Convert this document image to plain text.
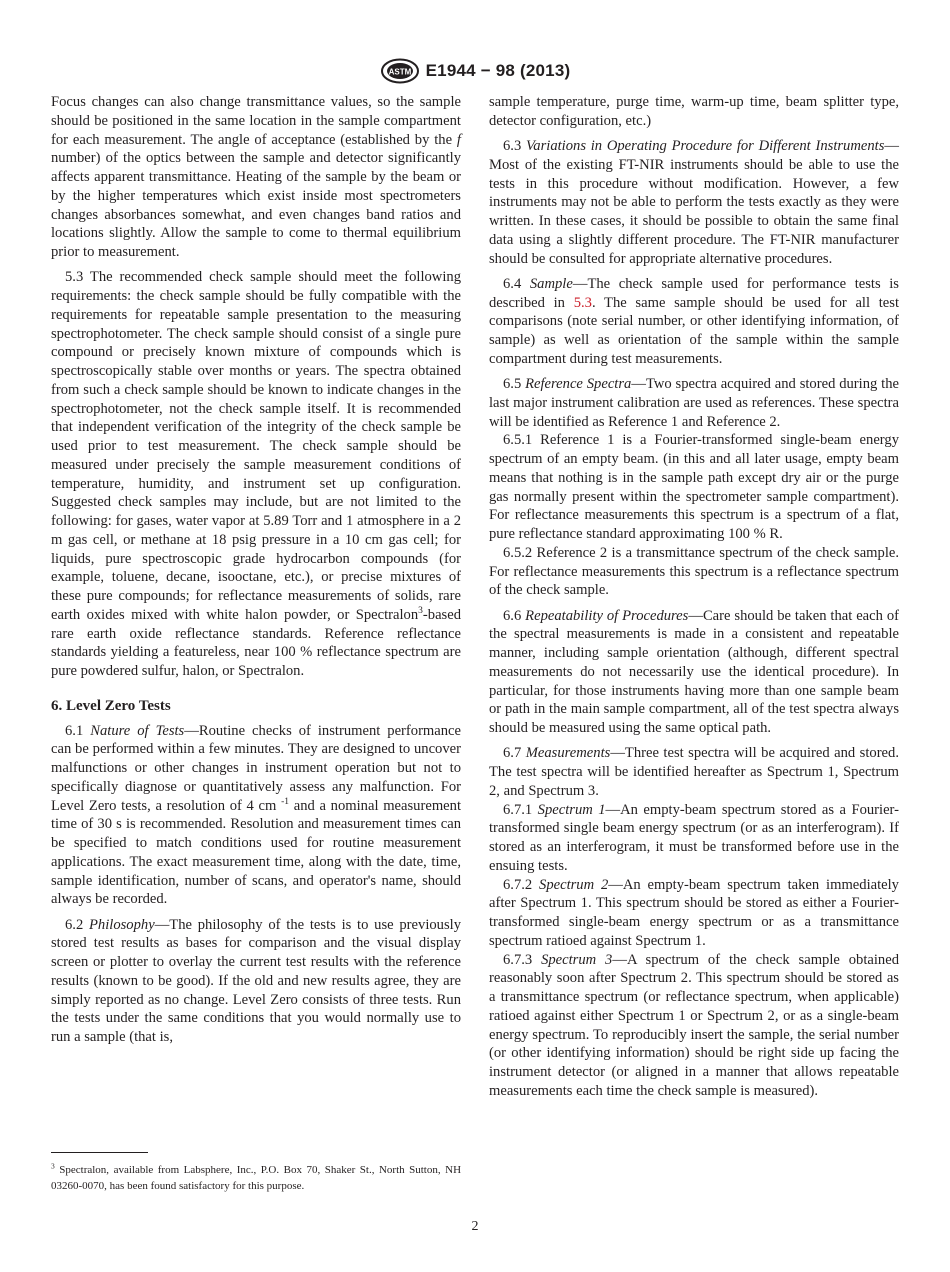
ASTM E1944 − 98 (2013)

Focus changes can also change transmittance values, so the sample should be positioned in the same location in the sample compartment for each measurement. The angle of acceptance (established by the f number) of the optics between the sample and detector significantly affects apparent transmittance. Heating of the sample by the beam or by the higher temperatures which exist inside most spectrometers changes absorbances somewhat, and even changes band ratios and locations slightly. Allow the sample to come to thermal equilibrium prior to measurement.

5.3 The recommended check sample should meet the following requirements: the check sample should be fully compatible with the requirements for repeatable sample presentation to the measuring spectrophotometer. The check sample should consist of a single pure compound or precisely known mixture of compounds which is spectroscopically stable over months or years. The spectra obtained from such a check sample should be known to indicate changes in the spectrophotometer, not the check sample itself. It is recommended that independent verification of the integrity of the check sample be used prior to test measurement. The check sample should be measured under precisely the sample measurement conditions of temperature, humidity, and instrument set up configuration. Suggested check samples may include, but are not limited to the following: for gases, water vapor at 5.89 Torr and 1 atmosphere in a 2 m gas cell, or methane at 18 psig pressure in a 10 cm gas cell; for liquids, pure spectroscopic grade hydrocarbon compounds (for example, toluene, decane, isooctane, etc.), or precise mixtures of these pure compounds; for reflectance measurements of solids, rare earth oxides mixed with white halon powder, or Spectralon$^3$-based rare earth oxide reflectance standards. Reference reflectance standards yielding a featureless, near 100 % reflectance spectrum are pure powdered sulfur, halon, or Spectralon.

6. Level Zero Tests

6.1 Nature of Tests—Routine checks of instrument performance can be performed within a few minutes. They are designed to uncover malfunctions or other changes in instrument operation but not to specifically diagnose or quantitatively assess any malfunction. For Level Zero tests, a resolution of 4 cm $^{-1}$ and a nominal measurement time of 30 s is recommended. Resolution and measurement times can be specified to match conditions used for routine measurement applications. The exact measurement time, along with the date, time, sample identification, number of scans, and operator's name, should always be recorded.

6.2 Philosophy—The philosophy of the tests is to use previously stored test results as bases for comparison and the visual display screen or plotter to overlay the current test results with the reference results (known to be good). If the old and new results agree, they are simply reported as no change. Level Zero consists of three tests. Run the tests under the same conditions that you would normally use to run a sample (that is,

$^3$ Spectralon, available from Labsphere, Inc., P.O. Box 70, Shaker St., North Sutton, NH 03260-0070, has been found satisfactory for this purpose.

sample temperature, purge time, warm-up time, beam splitter type, detector configuration, etc.)

6.3 Variations in Operating Procedure for Different Instruments—Most of the existing FT-NIR instruments should be able to use the tests in this procedure without modification. However, a few instruments may not be able to perform the tests exactly as they were written. In these cases, it should be possible to obtain the same final data using a slightly different procedure. The FT-NIR manufacturer should be consulted for appropriate alternative procedures.

6.4 Sample—The check sample used for performance tests is described in 5.3. The same sample should be used for all test comparisons (note serial number, or other identifying information, of sample) as well as orientation of the sample within the sample compartment during test measurements.

6.5 Reference Spectra—Two spectra acquired and stored during the last major instrument calibration are used as references. These spectra will be identified as Reference 1 and Reference 2.

6.5.1 Reference 1 is a Fourier-transformed single-beam energy spectrum of an empty beam. (in this and all later usage, empty beam means that nothing is in the sample path except dry air or the purge gas normally present within the spectrometer sample compartment). For reflectance measurements this spectrum is a spectrum of a flat, pure reflectance standard approximating 100 % R.

6.5.2 Reference 2 is a transmittance spectrum of the check sample. For reflectance measurements this spectrum is a reflectance spectrum of the check sample.

6.6 Repeatability of Procedures—Care should be taken that each of the spectral measurements is made in a consistent and repeatable manner, including sample orientation (although, different spectral measurements do not necessarily use the identical procedure). In particular, for those instruments having more than one sample beam or path in the main sample compartment, all of the test spectra always should be measured using the same optical path.

6.7 Measurements—Three test spectra will be acquired and stored. The test spectra will be identified hereafter as Spectrum 1, Spectrum 2, and Spectrum 3.

6.7.1 Spectrum 1—An empty-beam spectrum stored as a Fourier-transformed single beam energy spectrum (or as an interferogram). If stored as an interferogram, it must be transformed before use in the ensuing tests.

6.7.2 Spectrum 2—An empty-beam spectrum taken immediately after Spectrum 1. This spectrum should be stored as either a Fourier-transformed single-beam energy spectrum or as a transmittance spectrum ratioed against Spectrum 1.

6.7.3 Spectrum 3—A spectrum of the check sample obtained reasonably soon after Spectrum 2. This spectrum should be stored as a transmittance spectrum (or reflectance spectrum, when applicable) ratioed against either Spectrum 1 or Spectrum 2, or as a single-beam energy spectrum. To reproducibly insert the sample, the serial number (or other identifying information) should be right side up facing the instrument detector (or aligned in a manner that allows repeatable measurements each time the check sample is measured).

2
